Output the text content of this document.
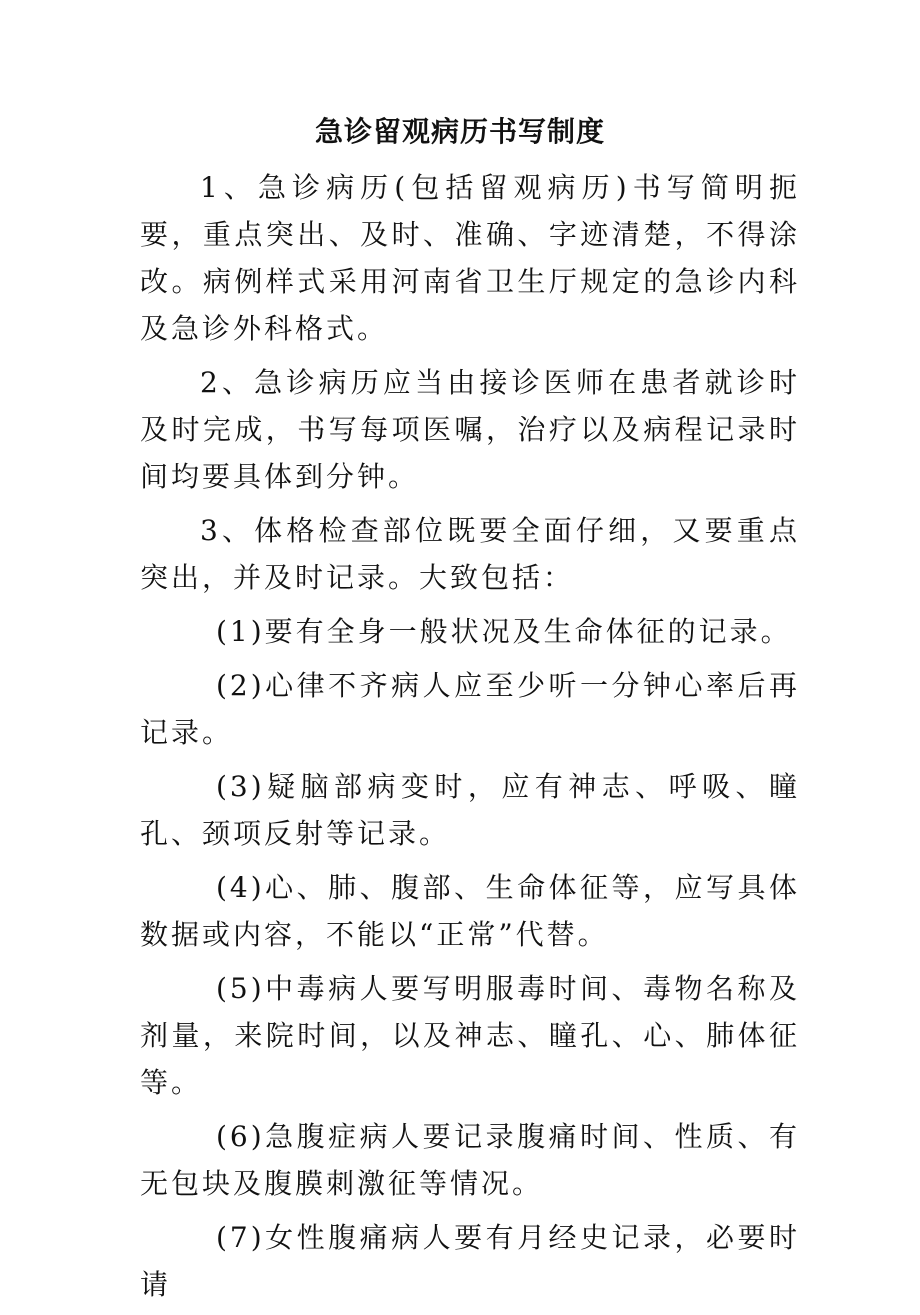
急诊留观病历书写制度

1、急诊病历(包括留观病历)书写简明扼要，重点突出、及时、准确、字迹清楚，不得涂改。病例样式采用河南省卫生厅规定的急诊内科及急诊外科格式。

2、急诊病历应当由接诊医师在患者就诊时及时完成，书写每项医嘱，治疗以及病程记录时间均要具体到分钟。

3、体格检查部位既要全面仔细，又要重点突出，并及时记录。大致包括：

(1)要有全身一般状况及生命体征的记录。

(2)心律不齐病人应至少听一分钟心率后再记录。

(3)疑脑部病变时，应有神志、呼吸、瞳孔、颈项反射等记录。

(4)心、肺、腹部、生命体征等，应写具体数据或内容，不能以“正常”代替。

(5)中毒病人要写明服毒时间、毒物名称及剂量，来院时间，以及神志、瞳孔、心、肺体征等。

(6)急腹症病人要记录腹痛时间、性质、有无包块及腹膜刺激征等情况。

(7)女性腹痛病人要有月经史记录，必要时请
